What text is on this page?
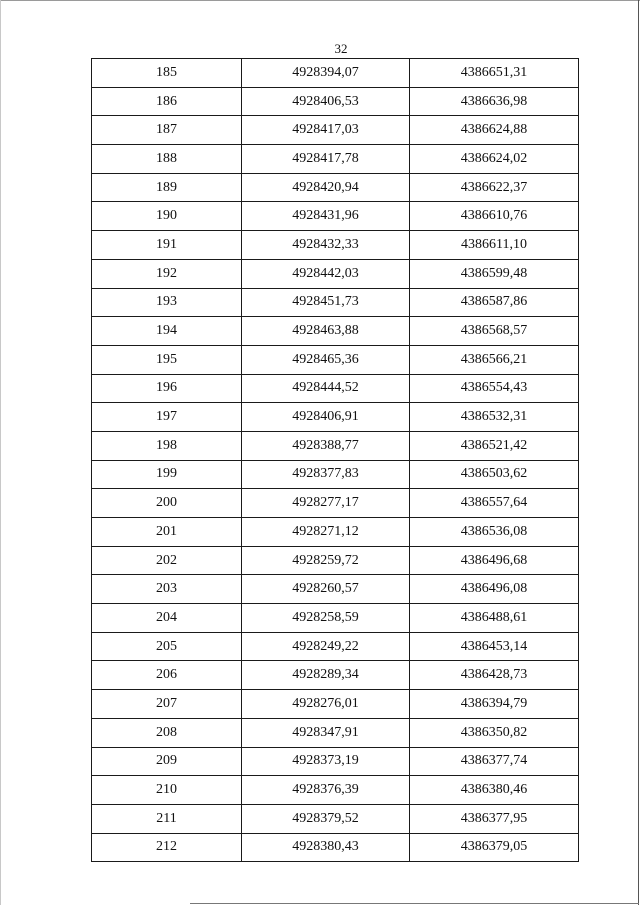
32
185	4928394,07	4386651,31
186	4928406,53	4386636,98
187	4928417,03	4386624,88
188	4928417,78	4386624,02
189	4928420,94	4386622,37
190	4928431,96	4386610,76
191	4928432,33	4386611,10
192	4928442,03	4386599,48
193	4928451,73	4386587,86
194	4928463,88	4386568,57
195	4928465,36	4386566,21
196	4928444,52	4386554,43
197	4928406,91	4386532,31
198	4928388,77	4386521,42
199	4928377,83	4386503,62
200	4928277,17	4386557,64
201	4928271,12	4386536,08
202	4928259,72	4386496,68
203	4928260,57	4386496,08
204	4928258,59	4386488,61
205	4928249,22	4386453,14
206	4928289,34	4386428,73
207	4928276,01	4386394,79
208	4928347,91	4386350,82
209	4928373,19	4386377,74
210	4928376,39	4386380,46
211	4928379,52	4386377,95
212	4928380,43	4386379,05
